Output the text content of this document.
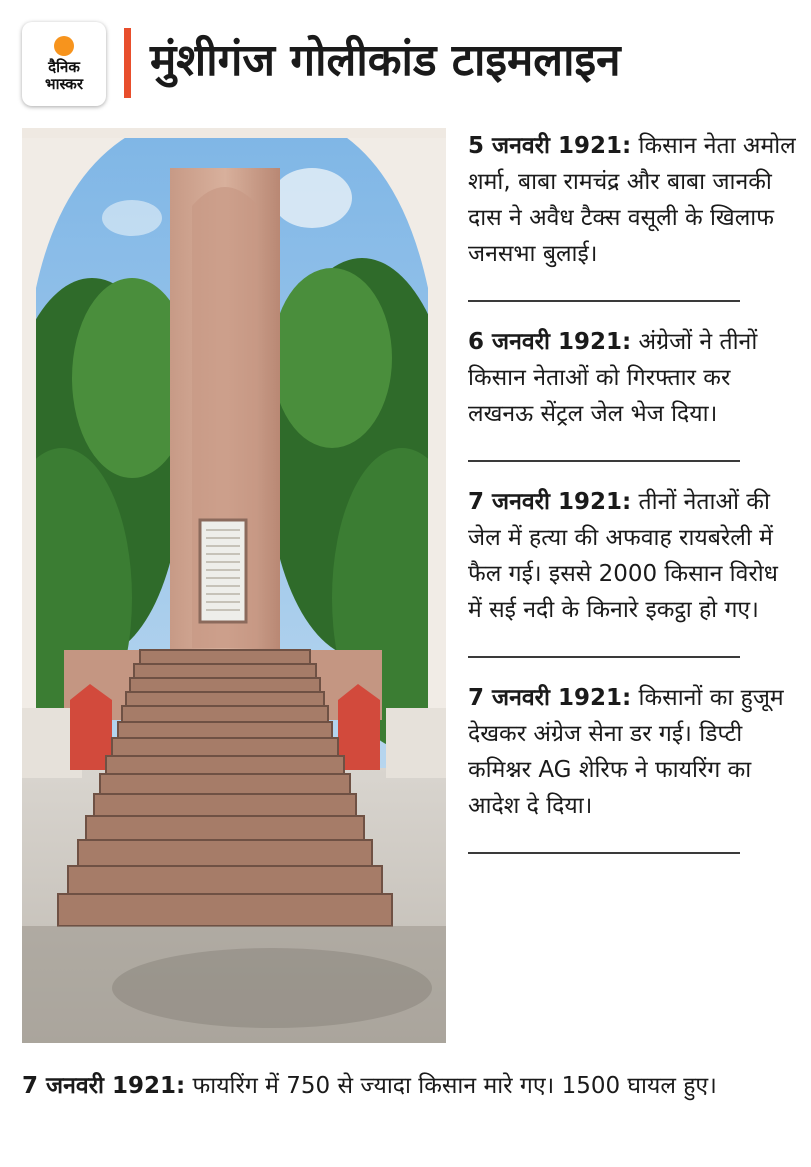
दैनिक
भास्कर मुंशीगंज गोलीकांड टाइमलाइन
5 जनवरी 1921: किसान नेता अमोल शर्मा, बाबा रामचंद्र और बाबा जानकी दास ने अवैध टैक्स वसूली के खिलाफ जनसभा बुलाई।
6 जनवरी 1921: अंग्रेजों ने तीनों किसान नेताओं को गिरफ्तार कर लखनऊ सेंट्रल जेल भेज दिया।
7 जनवरी 1921: तीनों नेताओं की जेल में हत्या की अफवाह रायबरेली में फैल गई। इससे 2000 किसान विरोध में सई नदी के किनारे इकट्ठा हो गए।
7 जनवरी 1921: किसानों का हुजूम देखकर अंग्रेज सेना डर गई। डिप्टी कमिश्नर AG शेरिफ ने फायरिंग का आदेश दे दिया।
7 जनवरी 1921: फायरिंग में 750 से ज्यादा किसान मारे गए। 1500 घायल हुए।
